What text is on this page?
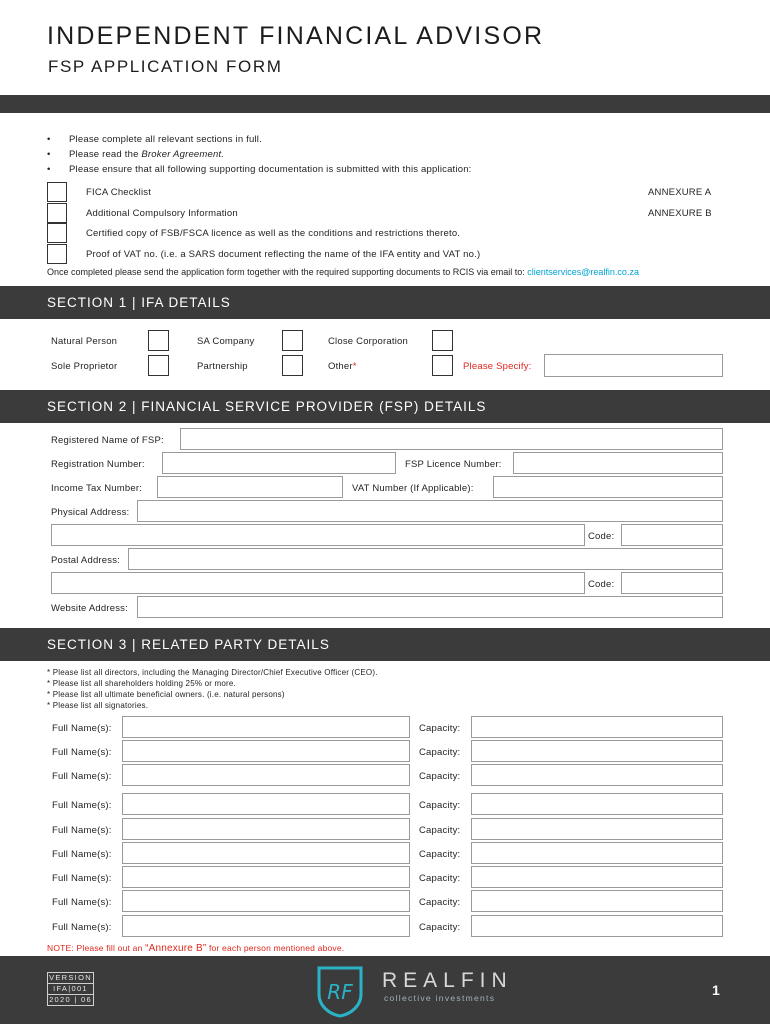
INDEPENDENT FINANCIAL ADVISOR
FSP APPLICATION FORM
• Please complete all relevant sections in full.
• Please read the Broker Agreement.
• Please ensure that all following supporting documentation is submitted with this application:
FICA Checklist	ANNEXURE A
Additional Compulsory Information	ANNEXURE B
Certified copy of FSB/FSCA licence as well as the conditions and restrictions thereto.
Proof of VAT no. (i.e. a SARS document reflecting the name of the IFA entity and VAT no.)
Once completed please send the application form together with the required supporting documents to RCIS via email to: clientservices@realfin.co.za
SECTION 1 | IFA DETAILS
Natural Person	SA Company	Close Corporation
Sole Proprietor	Partnership	Other*	Please Specify:
SECTION 2 | FINANCIAL SERVICE PROVIDER (FSP) DETAILS
Registered Name of FSP:
Registration Number:	FSP Licence Number:
Income Tax Number:	VAT Number (If Applicable):
Physical Address:
Code:
Postal Address:
Code:
Website Address:
SECTION 3 | RELATED PARTY DETAILS
* Please list all directors, including the Managing Director/Chief Executive Officer (CEO).
* Please list all shareholders holding 25% or more.
* Please list all ultimate beneficial owners. (i.e. natural persons)
* Please list all signatories.
Full Name(s):	Capacity:
Full Name(s):	Capacity:
Full Name(s):	Capacity:
Full Name(s):	Capacity:
Full Name(s):	Capacity:
Full Name(s):	Capacity:
Full Name(s):	Capacity:
Full Name(s):	Capacity:
Full Name(s):	Capacity:
NOTE: Please fill out an “Annexure B” for each person mentioned above.
VERSION
IFA|001
2020 | 06	RF REALFIN
collective investments	1
